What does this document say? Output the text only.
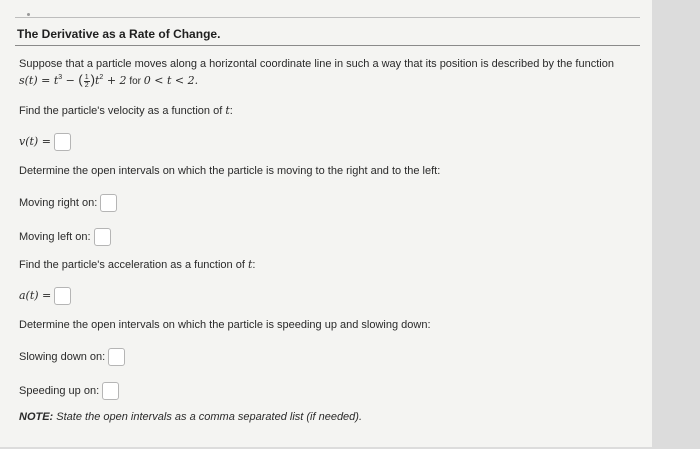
The Derivative as a Rate of Change.
Suppose that a particle moves along a horizontal coordinate line in such a way that its position is described by the function
$s(t) = t^3$ − ( $\frac{1}{2} )t^2 + 2$ for 0 < t < 2.
Find the particle's velocity as a function of t:
v(t) =
Determine the open intervals on which the particle is moving to the right and to the left:
Moving right on:
Moving left on:
Find the particle's acceleration as a function of t:
a(t) =
Determine the open intervals on which the particle is speeding up and slowing down:
Slowing down on:
Speeding up on:
NOTE: State the open intervals as a comma separated list (if needed).
